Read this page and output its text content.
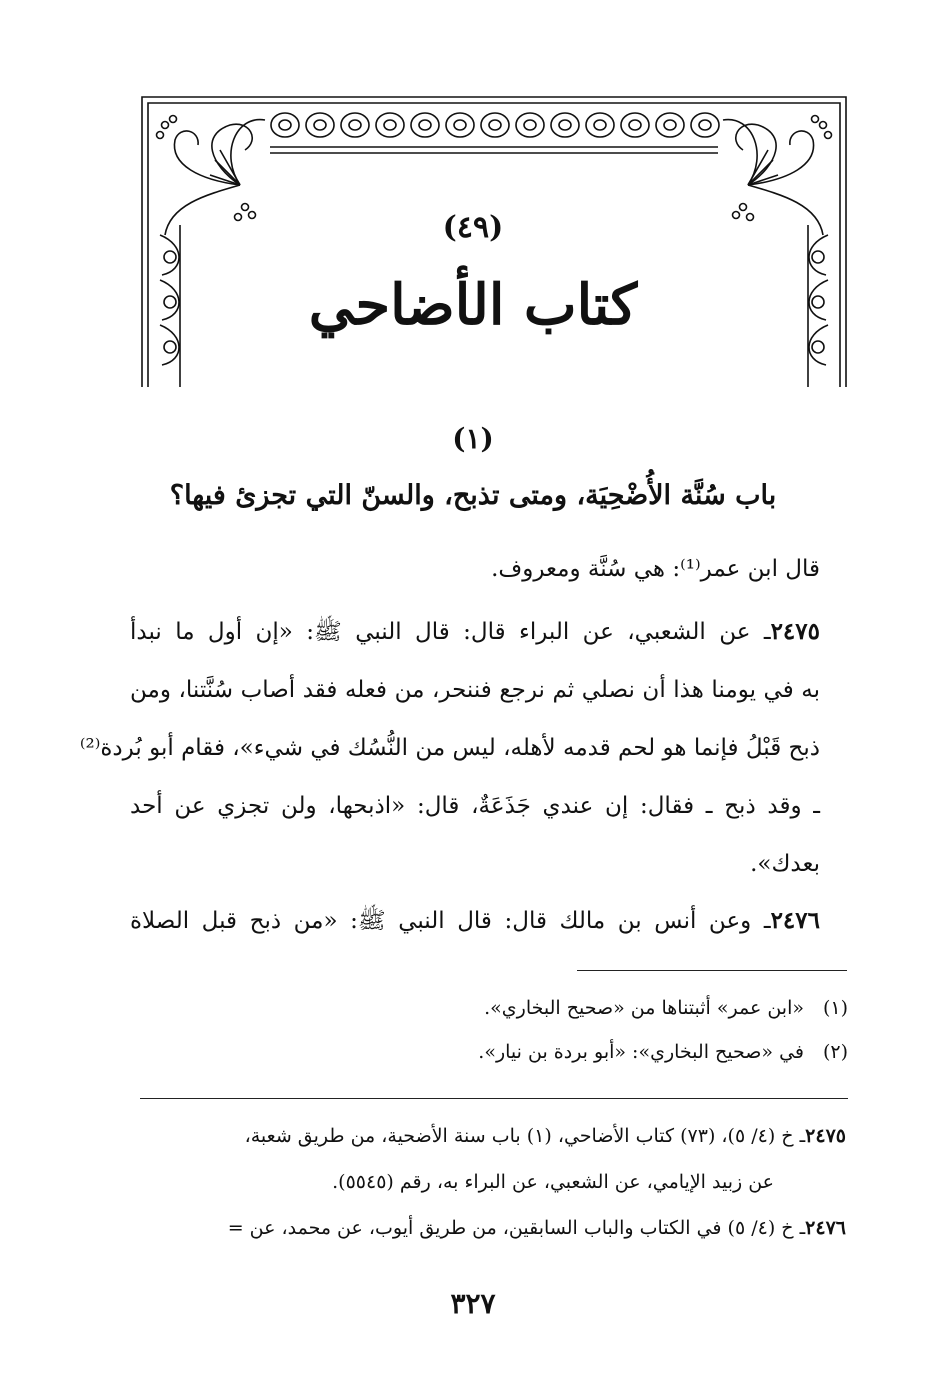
(٤٩)
كتاب الأضاحي
(١)
باب سُنَّة الأُضْحِيَة، ومتى تذبح، والسنّ التي تجزئ فيها؟
قال ابن عمر⁽¹⁾: هي سُنَّة ومعروف.
٢٤٧٥ـ عن الشعبي، عن البراء قال: قال النبي ﷺ: «إن أول ما نبدأ
به في يومنا هذا أن نصلي ثم نرجع فننحر، من فعله فقد أصاب سُنَّتنا، ومن
ذبح قَبْلُ فإنما هو لحم قدمه لأهله، ليس من النُّسُك في شيء»، فقام أبو بُردة⁽²⁾
ـ وقد ذبح ـ فقال: إن عندي جَذَعَةٌ، قال: «اذبحها، ولن تجزي عن أحد
بعدك».
٢٤٧٦ـ وعن أنس بن مالك قال: قال النبي ﷺ: «من ذبح قبل الصلاة
(١)«ابن عمر» أثبتناها من «صحيح البخاري».
(٢)في «صحيح البخاري»: «أبو بردة بن نيار».
٢٤٧٥ـ خ (٤/ ٥)، (٧٣) كتاب الأضاحي، (١) باب سنة الأضحية، من طريق شعبة،
عن زبيد الإيامي، عن الشعبي، عن البراء به، رقم (٥٥٤٥).
٢٤٧٦ـ خ (٤/ ٥) في الكتاب والباب السابقين، من طريق أيوب، عن محمد، عن =
٣٢٧
